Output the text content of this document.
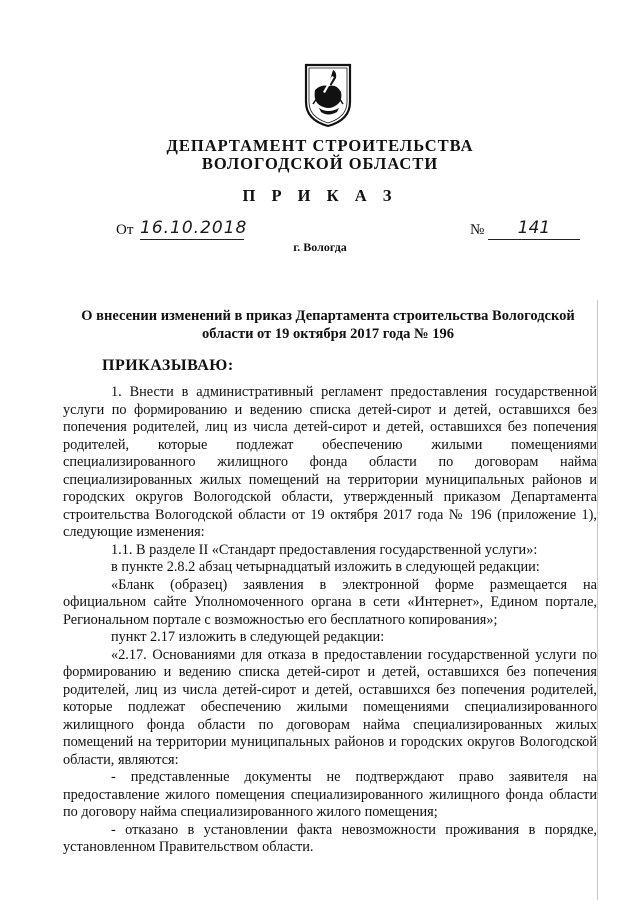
ДЕПАРТАМЕНТ СТРОИТЕЛЬСТВА
ВОЛОГОДСКОЙ ОБЛАСТИ
П Р И К А З
От 16.10.2018	№	141
г. Вологда
О внесении изменений в приказ Департамента строительства Вологодской области от 19 октября 2017 года № 196
ПРИКАЗЫВАЮ:

1. Внести в административный регламент предоставления государственной услуги по формированию и ведению списка детей-сирот и детей, оставшихся без попечения родителей, лиц из числа детей-сирот и детей, оставшихся без попечения родителей, которые подлежат обеспечению жилыми помещениями специализированного жилищного фонда области по договорам найма специализированных жилых помещений на территории муниципальных районов и городских округов Вологодской области, утвержденный приказом Департамента строительства Вологодской области от 19 октября 2017 года № 196 (приложение 1), следующие изменения:

1.1. В разделе II «Стандарт предоставления государственной услуги»:

в пункте 2.8.2 абзац четырнадцатый изложить в следующей редакции:

«Бланк (образец) заявления в электронной форме размещается на официальном сайте Уполномоченного органа в сети «Интернет», Едином портале, Региональном портале с возможностью его бесплатного копирования»;

пункт 2.17 изложить в следующей редакции:

«2.17. Основаниями для отказа в предоставлении государственной услуги по формированию и ведению списка детей-сирот и детей, оставшихся без попечения родителей, лиц из числа детей-сирот и детей, оставшихся без попечения родителей, которые подлежат обеспечению жилыми помещениями специализированного жилищного фонда области по договорам найма специализированных жилых помещений на территории муниципальных районов и городских округов Вологодской области, являются:

- представленные документы не подтверждают право заявителя на предоставление жилого помещения специализированного жилищного фонда области по договору найма специализированного жилого помещения;

- отказано в установлении факта невозможности проживания в порядке, установленном Правительством области.
